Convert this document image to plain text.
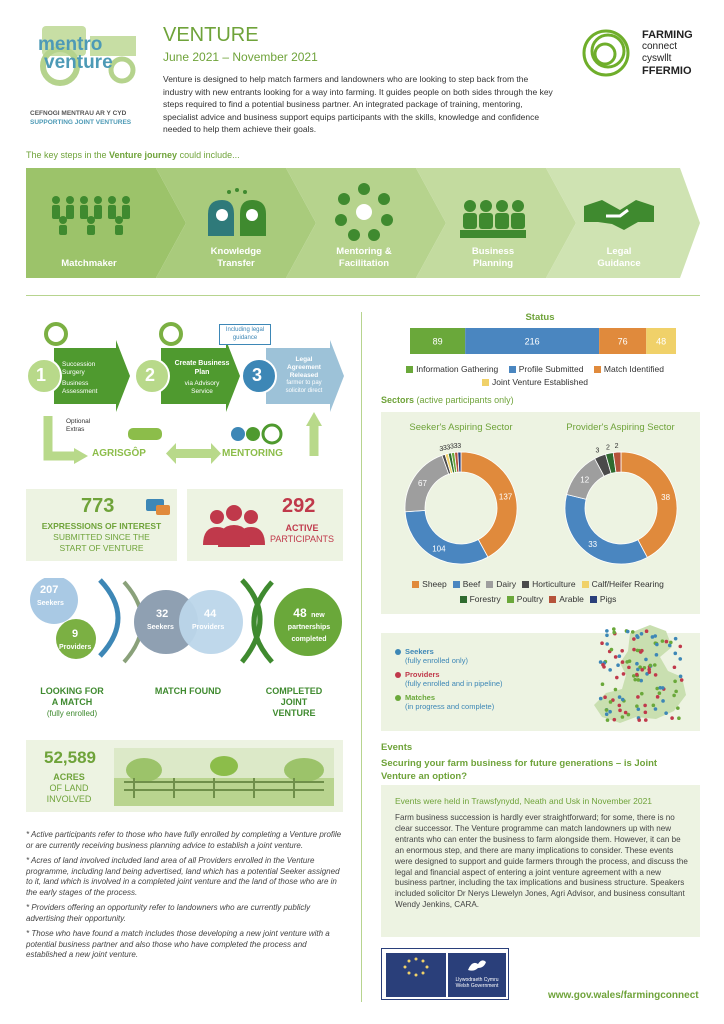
mentro
venture
CEFNOGI MENTRAU AR Y CYD
SUPPORTING JOINT VENTURES
VENTURE
June 2021 – November 2021
Venture is designed to help match farmers and landowners who are looking to step back from the industry with new entrants looking for a way into farming. It guides people on both sides through the key steps required to find a potential business partner. An integrated package of training, mentoring, specialist advice and business support equips participants with the skills, knowledge and confidence needed to help them achieve their goals.
FARMING
connect
cyswllt
FFERMIO
The key steps in the Venture journey could include...
Matchmaker
Knowledge
Transfer
Mentoring &
Facilitation
Business
Planning
Legal
Guidance
1
Succession Surgery
Business Assessment
2
Create Business Plan
via Advisory Service
3
Legal Agreement Released
farmer to pay solicitor direct
Including legal guidance
Optional Extras
AGRISGÔP	MENTORING
773
EXPRESSIONS OF INTEREST
SUBMITTED SINCE THE
START OF VENTURE
292
ACTIVE
PARTICIPANTS
207
Seekers
9
Providers
32
Seekers
44
Providers
48 new
partnerships
completed
LOOKING FOR
A MATCH
(fully enrolled)
MATCH FOUND	COMPLETED
JOINT
VENTURE
52,589
ACRES
OF LAND
INVOLVED

* Active participants refer to those who have fully enrolled by completing a Venture profile or are currently receiving business planning advice to establish a joint venture.

* Acres of land involved included land area of all Providers enrolled in the Venture programme, including land being advertised, land which has a potential Seeker assigned to it, land which is involved in a completed joint venture and the land of those who are in the early stages of the process.

* Providers offering an opportunity refer to landowners who are currently publicly advertising their opportunity.

* Those who have found a match includes those developing a new joint venture with a potential business partner and also those who have completed the process and established a new joint venture.

Status
89	216	76	48
Information Gathering Profile Submitted Match Identified Joint Venture Established
Sectors (active participants only)
Seeker's Aspiring Sector	Provider's Aspiring Sector
137
104
67
3 3 3 3 3 3
38
33
12
3 2 2
Sheep Beef Dairy Horticulture Calf/Heifer RearingForestry Poultry Arable Pigs
Seekers
(fully enrolled only)
Providers
(fully enrolled and in pipeline)
Matches
(in progress and complete)
Events
Securing your farm business for future generations – is Joint Venture an option?
Events were held in Trawsfynydd, Neath and Usk in November 2021
Farm business succession is hardly ever straightforward; for some, there is no clear successor. The Venture programme can match landowners up with new entrants who can enter the business to farm alongside them. However, it can be an enormous step, and there are many implications to consider. These events were designed to support and guide farmers through the process, and discuss the legal and financial aspect of entering a joint venture agreement with a new business partner, including the tax implications and business structure. Speakers included solicitor Dr Nerys Llewelyn Jones, Agri Advisor, and business consultant Wendy Jenkins, CARA.
Llywodraeth Cymru
Welsh Government
www.gov.wales/farmingconnect
